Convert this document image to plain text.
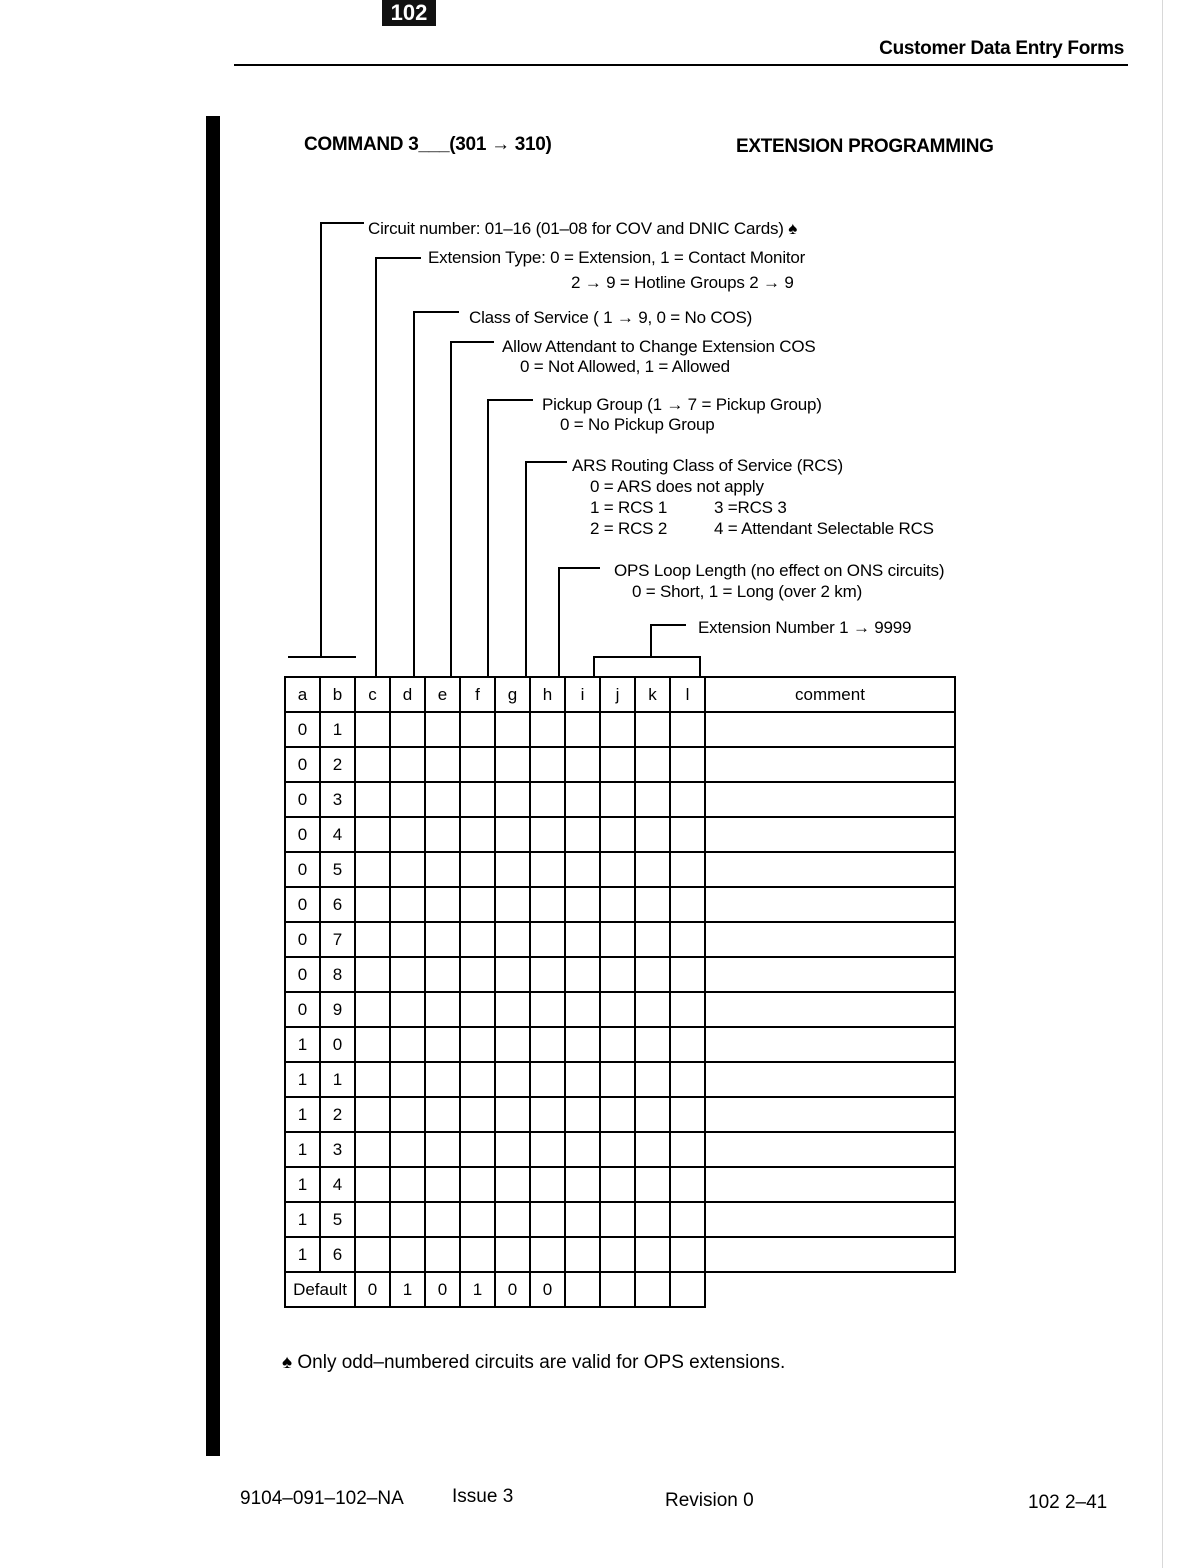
102
Customer Data Entry Forms
COMMAND 3___(301 → 310)	EXTENSION PROGRAMMING
Circuit number: 01–16 (01–08 for COV and DNIC Cards) ♠
Extension Type: 0 = Extension, 1 = Contact Monitor
2 → 9 = Hotline Groups 2 → 9
Class of Service ( 1 → 9, 0 = No COS)
Allow Attendant to Change Extension COS
0 = Not Allowed, 1 = Allowed
Pickup Group (1 → 7 = Pickup Group)
0 = No Pickup Group
ARS Routing Class of Service (RCS)
0 = ARS does not apply
1 = RCS 1	3 =RCS 3
2 = RCS 2	4 = Attendant Selectable RCS
OPS Loop Length (no effect on ONS circuits)
0 = Short, 1 = Long (over 2 km)
Extension Number 1 → 9999
a	b	c	d	e	f	g	h	i	j	k	l	comment
0	1											
0	2											
0	3											
0	4											
0	5											
0	6											
0	7											
0	8											
0	9											
1	0											
1	1											
1	2											
1	3											
1	4											
1	5											
1	6											
Default		0	1	0	1	0	0					
♠ Only odd–numbered circuits are valid for OPS extensions.
9104–091–102–NA	Issue 3	Revision 0	102 2–41
